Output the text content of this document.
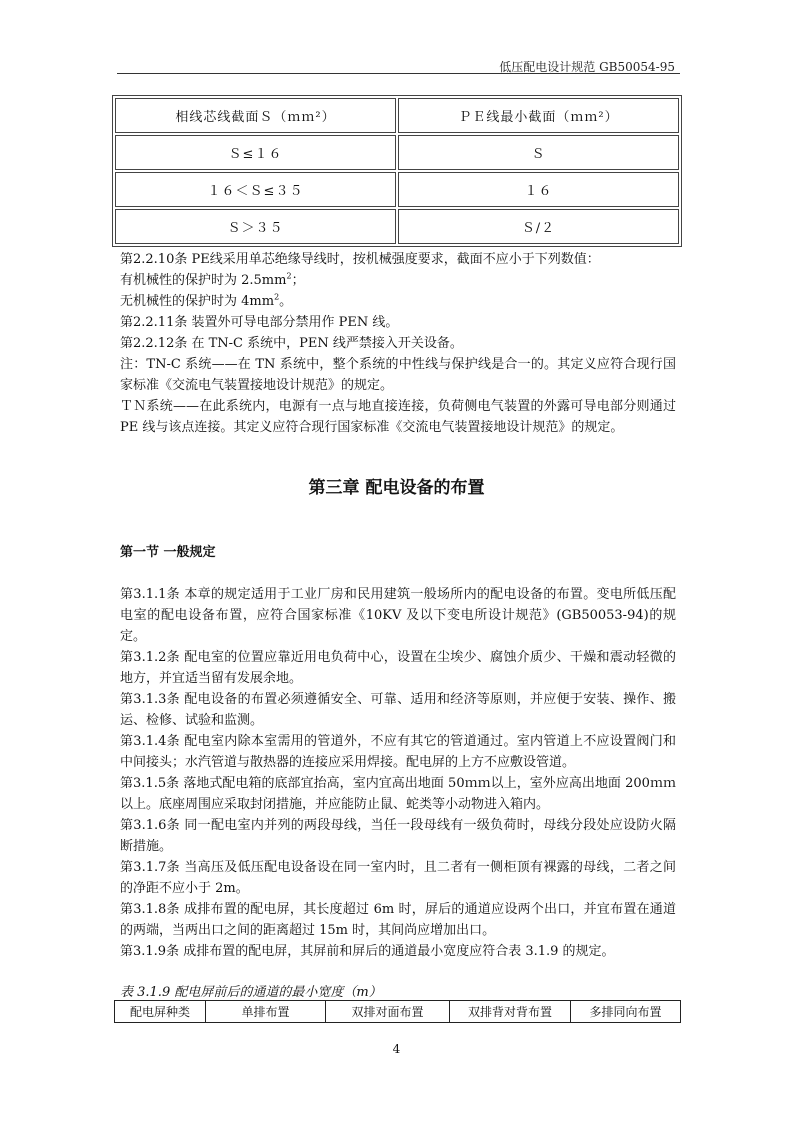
低压配电设计规范 GB50054-95
相线芯线截面Ｓ（ｍｍ²）	ＰＥ线最小截面（ｍｍ²）
Ｓ≤１６	Ｓ
１６＜Ｓ≤３５	１６
Ｓ＞３５	Ｓ/２

第2.2.10条 PE线采用单芯绝缘导线时，按机械强度要求，截面不应小于下列数值：

有机械性的保护时为 $2.5mm^2$；

无机械性的保护时为 $4mm^2$。

第2.2.11条 装置外可导电部分禁用作 PEN 线。

第2.2.12条 在 TN-C 系统中，PEN 线严禁接入开关设备。

注：TN-C 系统——在 TN 系统中，整个系统的中性线与保护线是合一的。其定义应符合现行国家标准《交流电气装置接地设计规范》的规定。

ＴＮ系统——在此系统内，电源有一点与地直接连接，负荷侧电气装置的外露可导电部分则通过 PE 线与该点连接。其定义应符合现行国家标准《交流电气装置接地设计规范》的规定。

第三章 配电设备的布置
第一节 一般规定

第3.1.1条 本章的规定适用于工业厂房和民用建筑一般场所内的配电设备的布置。变电所低压配电室的配电设备布置，应符合国家标准《10KV 及以下变电所设计规范》(GB50053-94)的规定。

第3.1.2条 配电室的位置应靠近用电负荷中心，设置在尘埃少、腐蚀介质少、干燥和震动轻微的地方，并宜适当留有发展余地。

第3.1.3条 配电设备的布置必须遵循安全、可靠、适用和经济等原则，并应便于安装、操作、搬运、检修、试验和监测。

第3.1.4条 配电室内除本室需用的管道外，不应有其它的管道通过。室内管道上不应设置阀门和中间接头；水汽管道与散热器的连接应采用焊接。配电屏的上方不应敷设管道。

第3.1.5条 落地式配电箱的底部宜抬高，室内宜高出地面 50ｍｍ以上，室外应高出地面 200ｍｍ以上。底座周围应采取封闭措施，并应能防止鼠、蛇类等小动物进入箱内。

第3.1.6条 同一配电室内并列的两段母线，当任一段母线有一级负荷时，母线分段处应设防火隔断措施。

第3.1.7条 当高压及低压配电设备设在同一室内时，且二者有一侧柜顶有裸露的母线，二者之间的净距不应小于 2m。

第3.1.8条 成排布置的配电屏，其长度超过 6m 时，屏后的通道应设两个出口，并宜布置在通道的两端，当两出口之间的距离超过 15m 时，其间尚应增加出口。

第3.1.9条 成排布置的配电屏，其屏前和屏后的通道最小宽度应符合表 3.1.9 的规定。

表 3.1.9 配电屏前后的通道的最小宽度（m）
配电屏种类	单排布置	双排对面布置	双排背对背布置	多排同向布置
4
